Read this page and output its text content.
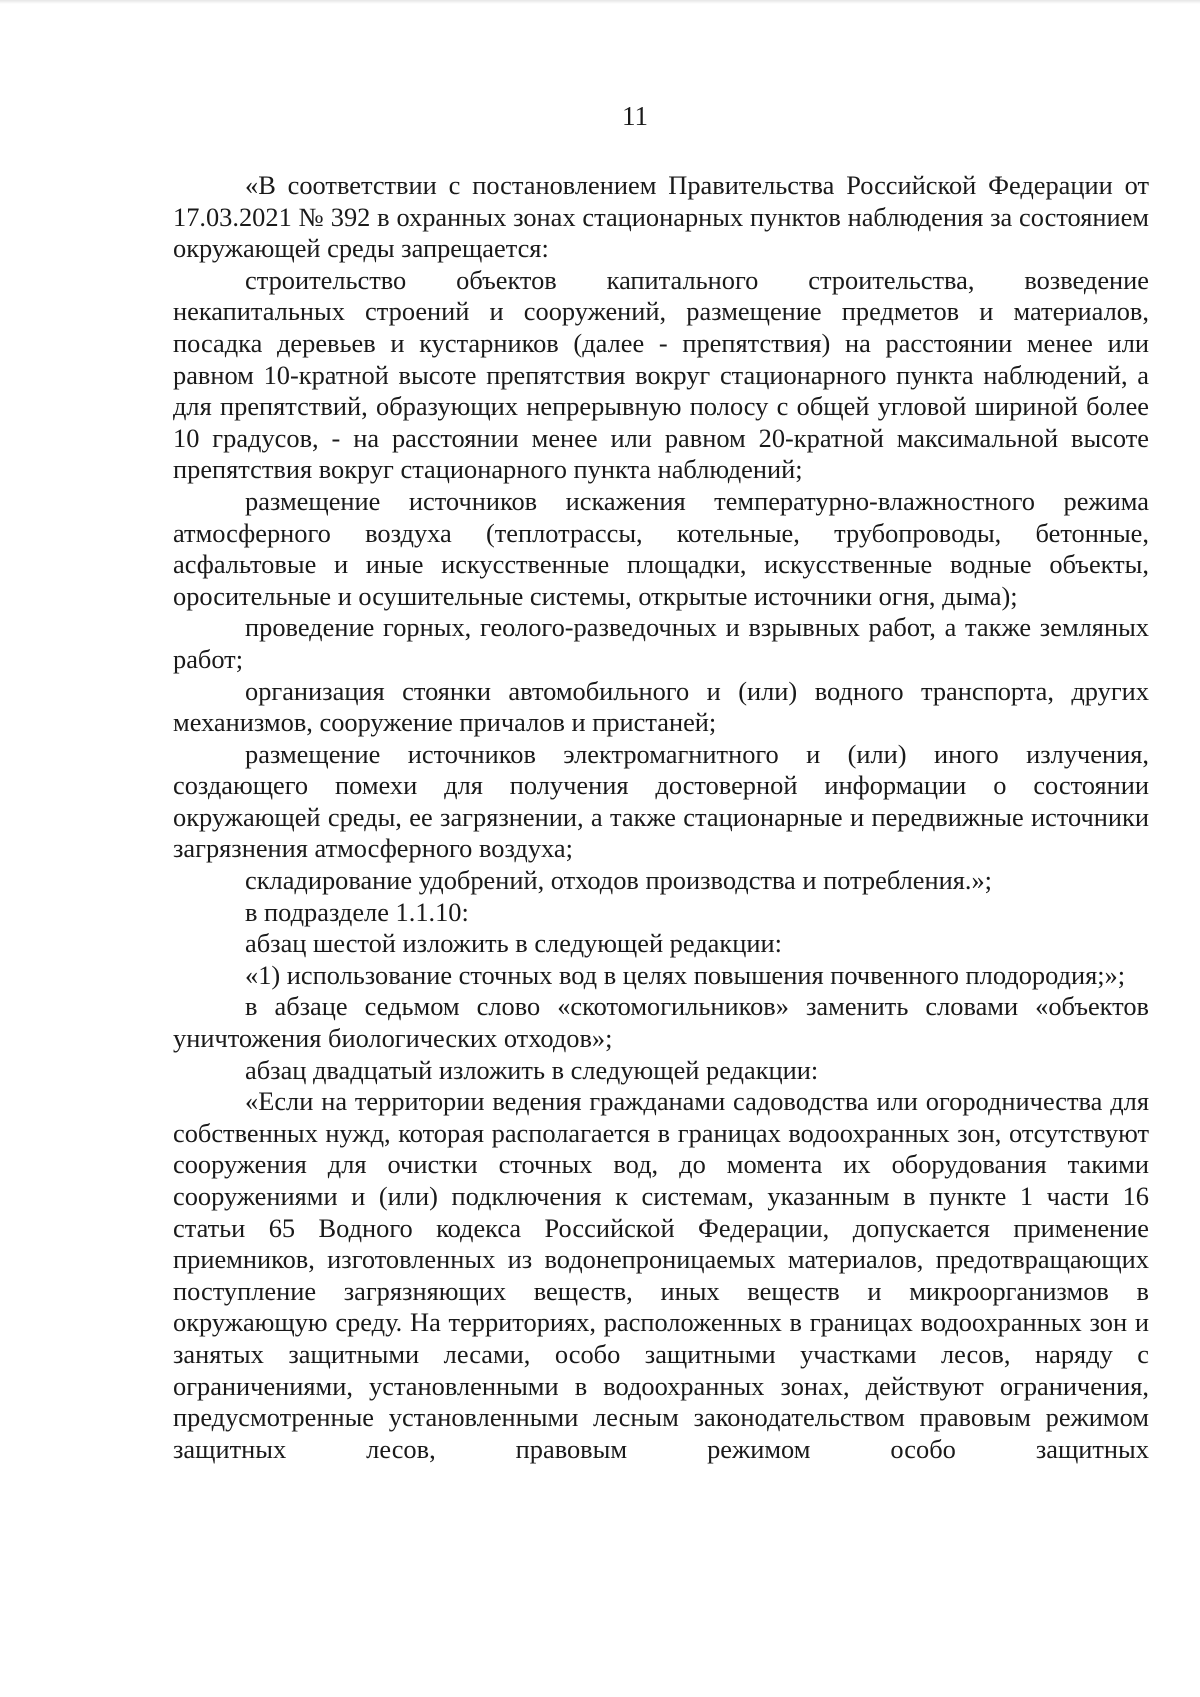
11

«В соответствии с постановлением Правительства Российской Федерации от 17.03.2021 № 392 в охранных зонах стационарных пунктов наблюдения за состоянием окружающей среды запрещается:

строительство объектов капитального строительства, возведение некапитальных строений и сооружений, размещение предметов и материалов, посадка деревьев и кустарников (далее - препятствия) на расстоянии менее или равном 10-кратной высоте препятствия вокруг стационарного пункта наблюдений, а для препятствий, образующих непрерывную полосу с общей угловой шириной более 10 градусов, - на расстоянии менее или равном 20-кратной максимальной высоте препятствия вокруг стационарного пункта наблюдений;

размещение источников искажения температурно-влажностного режима атмосферного воздуха (теплотрассы, котельные, трубопроводы, бетонные, асфальтовые и иные искусственные площадки, искусственные водные объекты, оросительные и осушительные системы, открытые источники огня, дыма);

проведение горных, геолого-разведочных и взрывных работ, а также земляных работ;

организация стоянки автомобильного и (или) водного транспорта, других механизмов, сооружение причалов и пристаней;

размещение источников электромагнитного и (или) иного излучения, создающего помехи для получения достоверной информации о состоянии окружающей среды, ее загрязнении, а также стационарные и передвижные источники загрязнения атмосферного воздуха;

складирование удобрений, отходов производства и потребления.»;

в подразделе 1.1.10:

абзац шестой изложить в следующей редакции:

«1) использование сточных вод в целях повышения почвенного плодородия;»;

в абзаце седьмом слово «скотомогильников» заменить словами «объектов уничтожения биологических отходов»;

абзац двадцатый изложить в следующей редакции:

«Если на территории ведения гражданами садоводства или огородничества для собственных нужд, которая располагается в границах водоохранных зон, отсутствуют сооружения для очистки сточных вод, до момента их оборудования такими сооружениями и (или) подключения к системам, указанным в пункте 1 части 16 статьи 65 Водного кодекса Российской Федерации, допускается применение приемников, изготовленных из водонепроницаемых материалов, предотвращающих поступление загрязняющих веществ, иных веществ и микроорганизмов в окружающую среду. На территориях, расположенных в границах водоохранных зон и занятых защитными лесами, особо защитными участками лесов, наряду с ограничениями, установленными в водоохранных зонах, действуют ограничения, предусмотренные установленными лесным законодательством правовым режимом защитных лесов, правовым режимом особо защитных
